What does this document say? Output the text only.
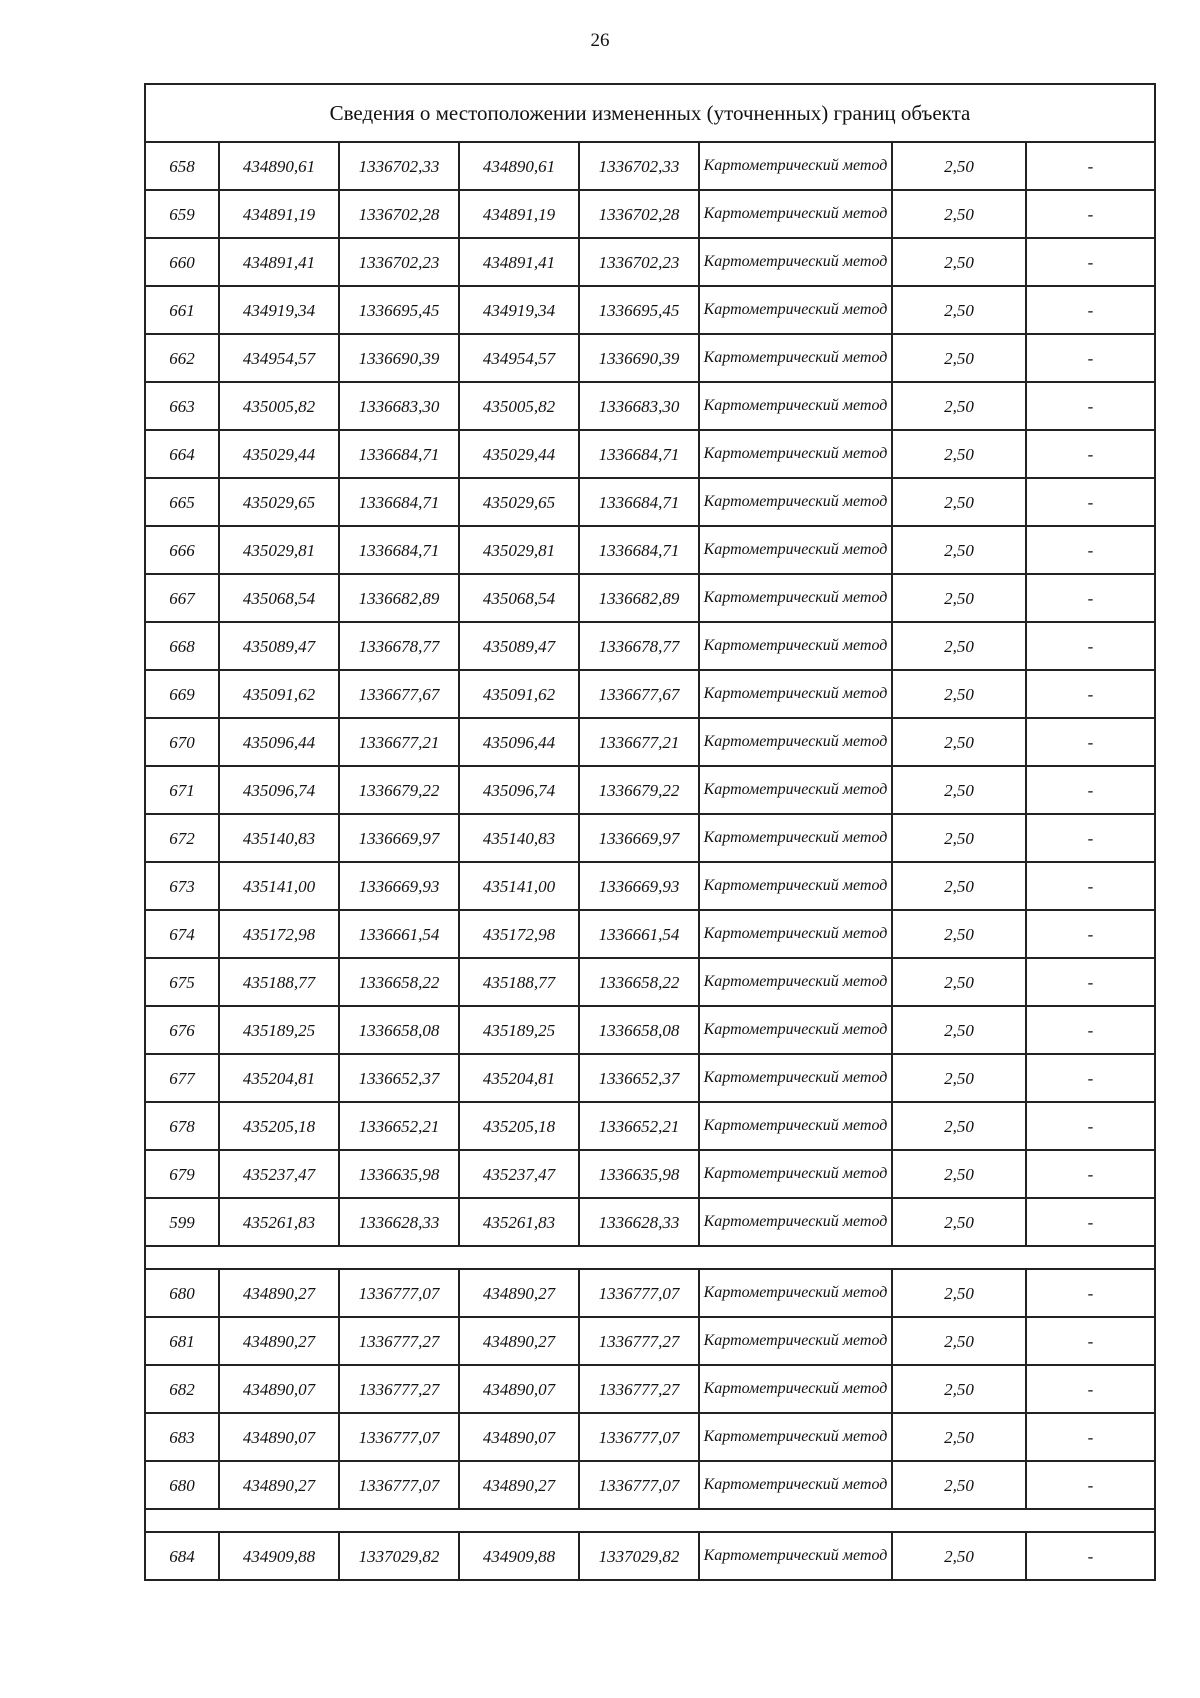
26
Сведения о местоположении измененных (уточненных) границ объекта							
658	434890,61	1336702,33	434890,61	1336702,33	Картометрический метод	2,50	-
659	434891,19	1336702,28	434891,19	1336702,28	Картометрический метод	2,50	-
660	434891,41	1336702,23	434891,41	1336702,23	Картометрический метод	2,50	-
661	434919,34	1336695,45	434919,34	1336695,45	Картометрический метод	2,50	-
662	434954,57	1336690,39	434954,57	1336690,39	Картометрический метод	2,50	-
663	435005,82	1336683,30	435005,82	1336683,30	Картометрический метод	2,50	-
664	435029,44	1336684,71	435029,44	1336684,71	Картометрический метод	2,50	-
665	435029,65	1336684,71	435029,65	1336684,71	Картометрический метод	2,50	-
666	435029,81	1336684,71	435029,81	1336684,71	Картометрический метод	2,50	-
667	435068,54	1336682,89	435068,54	1336682,89	Картометрический метод	2,50	-
668	435089,47	1336678,77	435089,47	1336678,77	Картометрический метод	2,50	-
669	435091,62	1336677,67	435091,62	1336677,67	Картометрический метод	2,50	-
670	435096,44	1336677,21	435096,44	1336677,21	Картометрический метод	2,50	-
671	435096,74	1336679,22	435096,74	1336679,22	Картометрический метод	2,50	-
672	435140,83	1336669,97	435140,83	1336669,97	Картометрический метод	2,50	-
673	435141,00	1336669,93	435141,00	1336669,93	Картометрический метод	2,50	-
674	435172,98	1336661,54	435172,98	1336661,54	Картометрический метод	2,50	-
675	435188,77	1336658,22	435188,77	1336658,22	Картометрический метод	2,50	-
676	435189,25	1336658,08	435189,25	1336658,08	Картометрический метод	2,50	-
677	435204,81	1336652,37	435204,81	1336652,37	Картометрический метод	2,50	-
678	435205,18	1336652,21	435205,18	1336652,21	Картометрический метод	2,50	-
679	435237,47	1336635,98	435237,47	1336635,98	Картометрический метод	2,50	-
599	435261,83	1336628,33	435261,83	1336628,33	Картометрический метод	2,50	-

680	434890,27	1336777,07	434890,27	1336777,07	Картометрический метод	2,50	-
681	434890,27	1336777,27	434890,27	1336777,27	Картометрический метод	2,50	-
682	434890,07	1336777,27	434890,07	1336777,27	Картометрический метод	2,50	-
683	434890,07	1336777,07	434890,07	1336777,07	Картометрический метод	2,50	-
680	434890,27	1336777,07	434890,27	1336777,07	Картометрический метод	2,50	-

684	434909,88	1337029,82	434909,88	1337029,82	Картометрический метод	2,50	-
